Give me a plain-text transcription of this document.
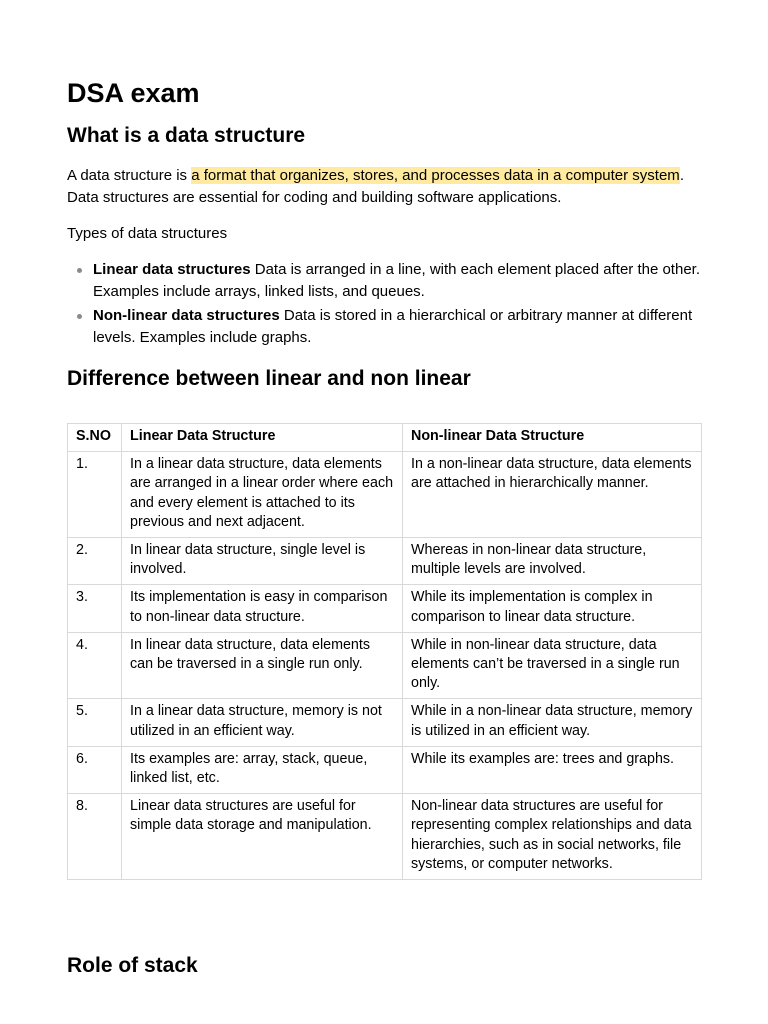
DSA exam
What is a data structure

A data structure is a format that organizes, stores, and processes data in a computer system. Data structures are essential for coding and building software applications.

Types of data structures

Linear data structures Data is arranged in a line, with each element placed after the other. Examples include arrays, linked lists, and queues.
Non-linear data structures Data is stored in a hierarchical or arbitrary manner at different levels. Examples include graphs.
Difference between linear and non linear
S.NO	Linear Data Structure	Non-linear Data Structure
1.	In a linear data structure, data elements are arranged in a linear order where each and every element is attached to its previous and next adjacent.	In a non-linear data structure, data elements are attached in hierarchically manner.
2.	In linear data structure, single level is involved.	Whereas in non-linear data structure, multiple levels are involved.
3.	Its implementation is easy in comparison to non-linear data structure.	While its implementation is complex in comparison to linear data structure.
4.	In linear data structure, data elements can be traversed in a single run only.	While in non-linear data structure, data elements can’t be traversed in a single run only.
5.	In a linear data structure, memory is not utilized in an efficient way.	While in a non-linear data structure, memory is utilized in an efficient way.
6.	Its examples are: array, stack, queue, linked list, etc.	While its examples are: trees and graphs.
8.	Linear data structures are useful for simple data storage and manipulation.	Non-linear data structures are useful for representing complex relationships and data hierarchies, such as in social networks, file systems, or computer networks.
Role of stack
